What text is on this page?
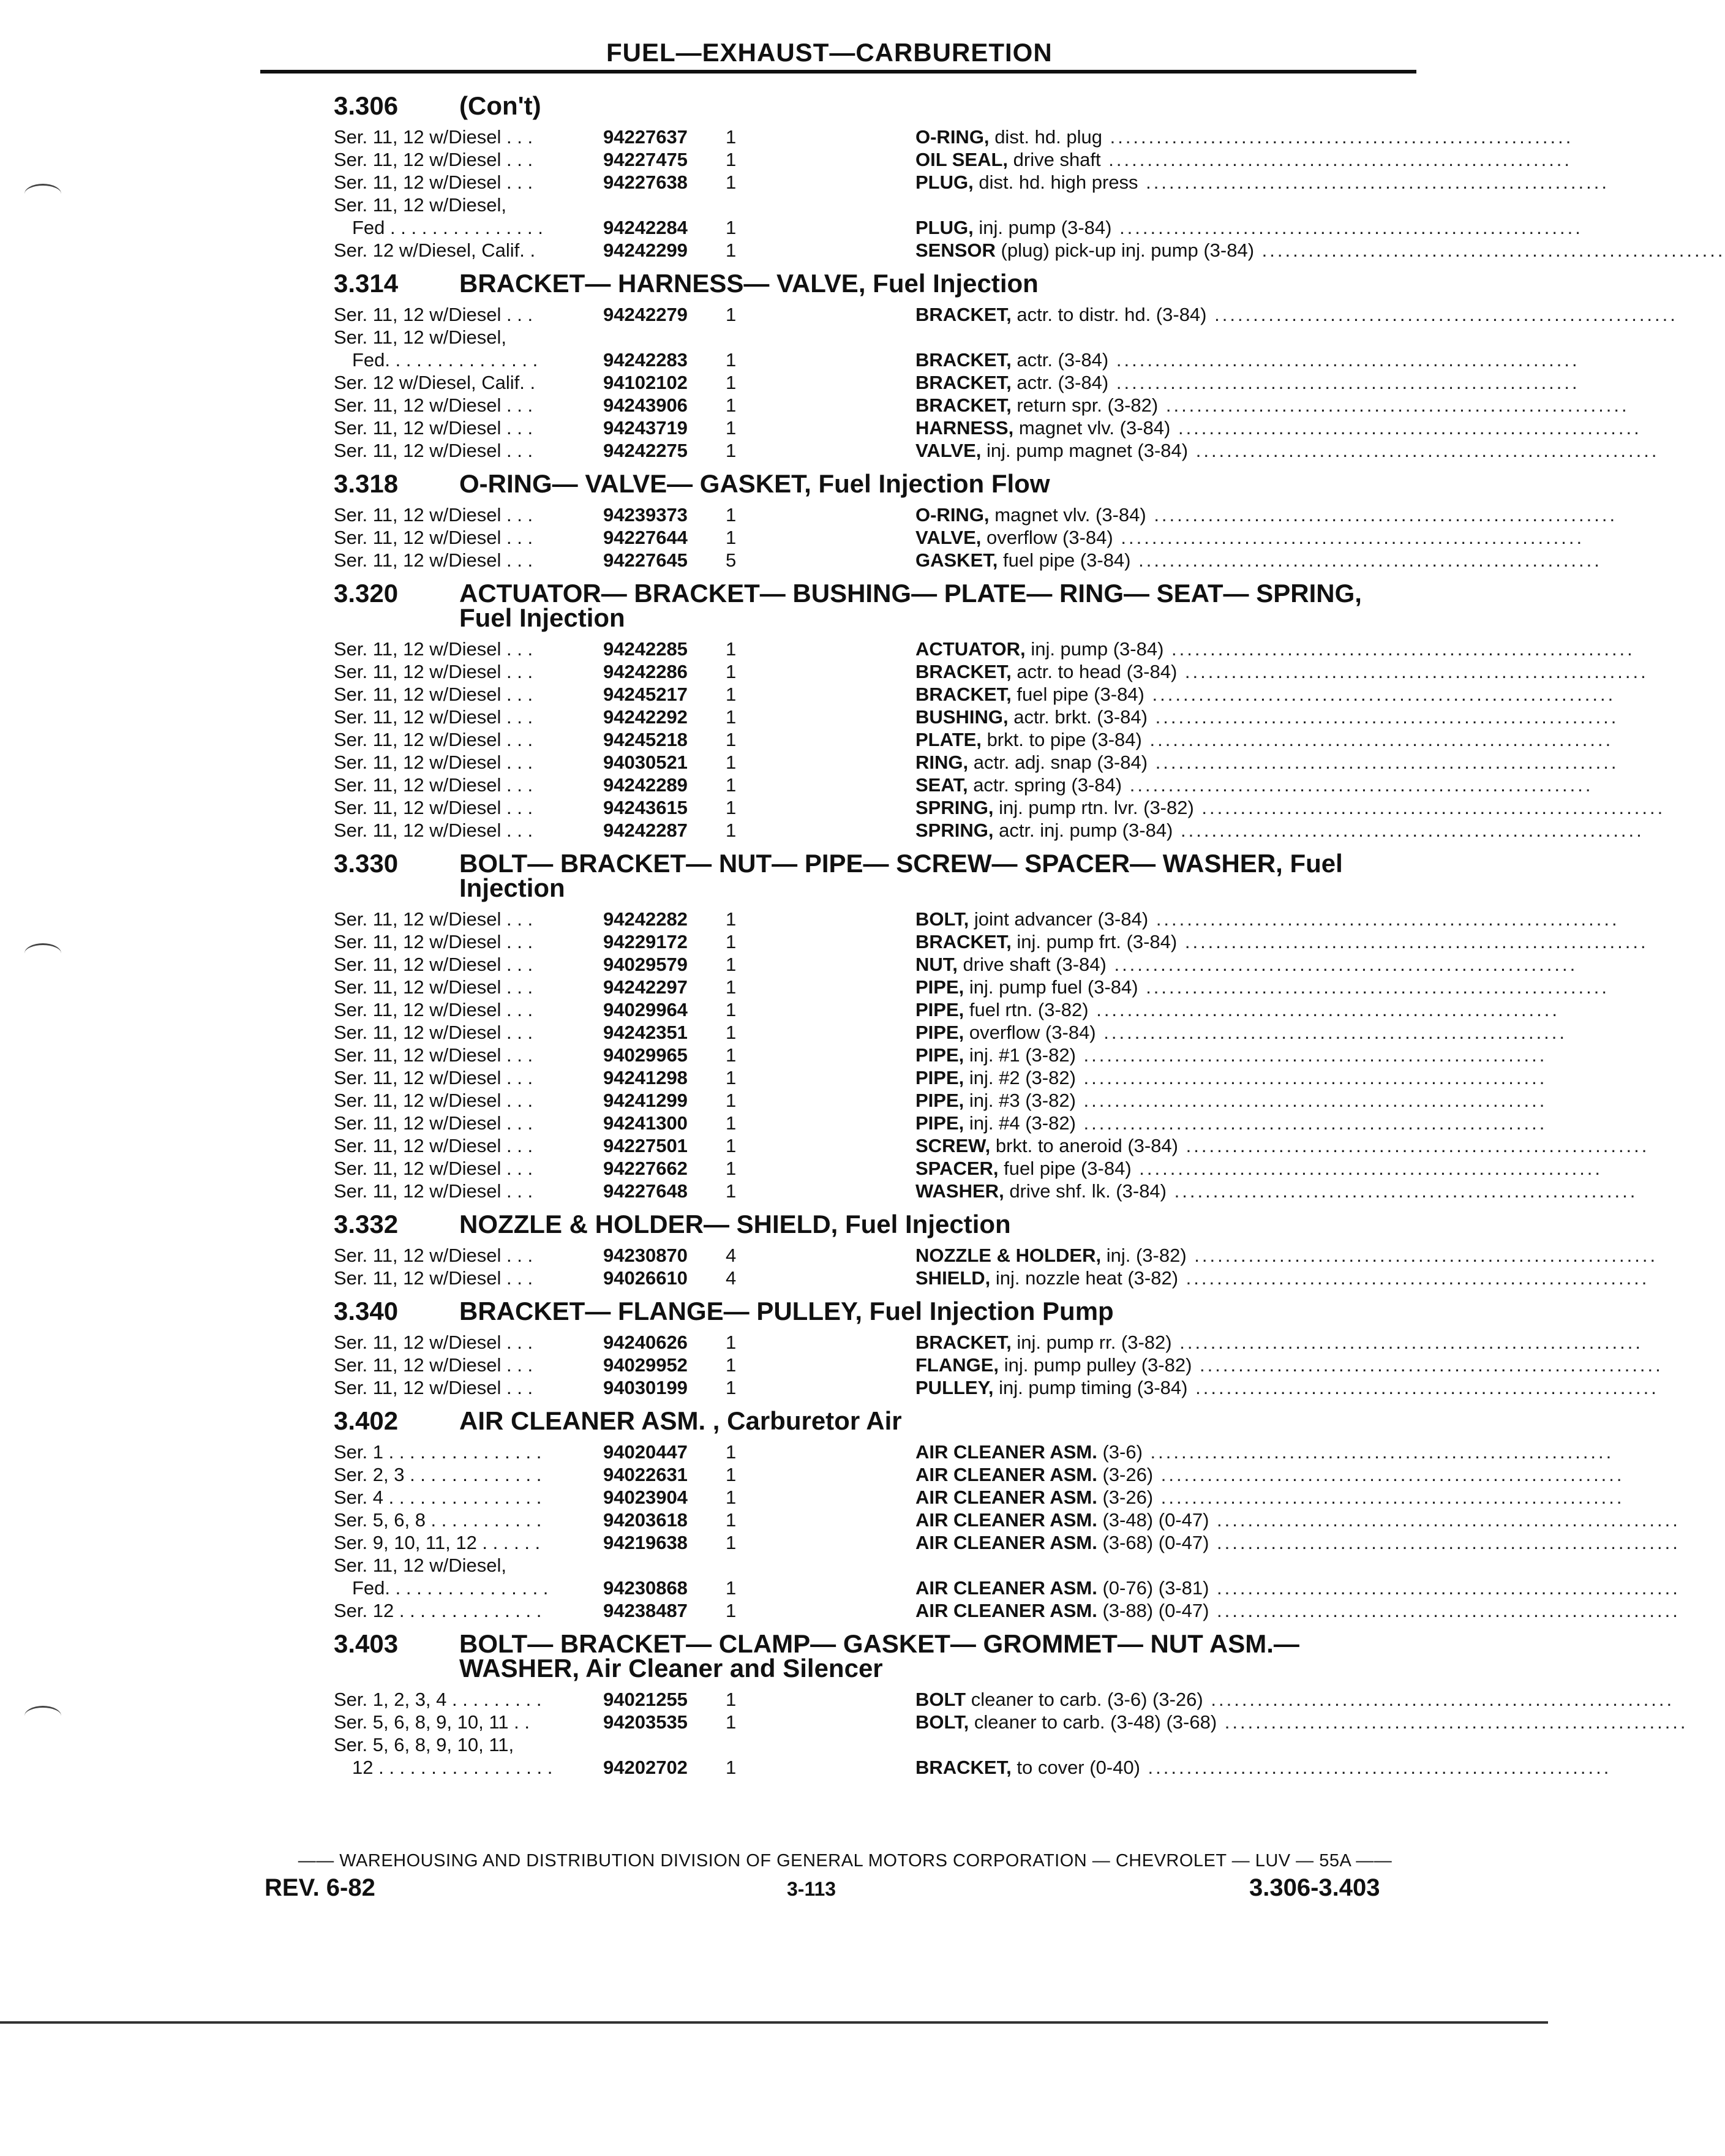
FUEL—EXHAUST—CARBURETION
3.306	(Con't)
Ser. 11, 12 w/Diesel . . .	94227637	1	O-RING, dist. hd. plug ............................................................
Ser. 11, 12 w/Diesel . . .	94227475	1	OIL SEAL, drive shaft ............................................................
Ser. 11, 12 w/Diesel . . .	94227638	1	PLUG, dist. hd. high press ............................................................
Ser. 11, 12 w/Diesel,
Fed . . . . . . . . . . . . . . .	94242284	1	PLUG, inj. pump (3-84) ............................................................
Ser. 12 w/Diesel, Calif. .	94242299	1	SENSOR (plug) pick-up inj. pump (3-84) ............................................................
3.314	BRACKET— HARNESS— VALVE, Fuel Injection
Ser. 11, 12 w/Diesel . . .	94242279	1	BRACKET, actr. to distr. hd. (3-84) ............................................................
Ser. 11, 12 w/Diesel,
Fed. . . . . . . . . . . . . . .	94242283	1	BRACKET, actr. (3-84) ............................................................
Ser. 12 w/Diesel, Calif. .	94102102	1	BRACKET, actr. (3-84) ............................................................
Ser. 11, 12 w/Diesel . . .	94243906	1	BRACKET, return spr. (3-82) ............................................................
Ser. 11, 12 w/Diesel . . .	94243719	1	HARNESS, magnet vlv. (3-84) ............................................................
Ser. 11, 12 w/Diesel . . .	94242275	1	VALVE, inj. pump magnet (3-84) ............................................................
3.318	O-RING— VALVE— GASKET, Fuel Injection Flow
Ser. 11, 12 w/Diesel . . .	94239373	1	O-RING, magnet vlv. (3-84) ............................................................
Ser. 11, 12 w/Diesel . . .	94227644	1	VALVE, overflow (3-84) ............................................................
Ser. 11, 12 w/Diesel . . .	94227645	5	GASKET, fuel pipe (3-84) ............................................................
3.320	ACTUATOR— BRACKET— BUSHING— PLATE— RING— SEAT— SPRING, Fuel Injection
Ser. 11, 12 w/Diesel . . .	94242285	1	ACTUATOR, inj. pump (3-84) ............................................................
Ser. 11, 12 w/Diesel . . .	94242286	1	BRACKET, actr. to head (3-84) ............................................................
Ser. 11, 12 w/Diesel . . .	94245217	1	BRACKET, fuel pipe (3-84) ............................................................
Ser. 11, 12 w/Diesel . . .	94242292	1	BUSHING, actr. brkt. (3-84) ............................................................
Ser. 11, 12 w/Diesel . . .	94245218	1	PLATE, brkt. to pipe (3-84) ............................................................
Ser. 11, 12 w/Diesel . . .	94030521	1	RING, actr. adj. snap (3-84) ............................................................
Ser. 11, 12 w/Diesel . . .	94242289	1	SEAT, actr. spring (3-84) ............................................................
Ser. 11, 12 w/Diesel . . .	94243615	1	SPRING, inj. pump rtn. lvr. (3-82) ............................................................
Ser. 11, 12 w/Diesel . . .	94242287	1	SPRING, actr. inj. pump (3-84) ............................................................
3.330	BOLT— BRACKET— NUT— PIPE— SCREW— SPACER— WASHER, Fuel Injection
Ser. 11, 12 w/Diesel . . .	94242282	1	BOLT, joint advancer (3-84) ............................................................
Ser. 11, 12 w/Diesel . . .	94229172	1	BRACKET, inj. pump frt. (3-84) ............................................................
Ser. 11, 12 w/Diesel . . .	94029579	1	NUT, drive shaft (3-84) ............................................................
Ser. 11, 12 w/Diesel . . .	94242297	1	PIPE, inj. pump fuel (3-84) ............................................................
Ser. 11, 12 w/Diesel . . .	94029964	1	PIPE, fuel rtn. (3-82) ............................................................
Ser. 11, 12 w/Diesel . . .	94242351	1	PIPE, overflow (3-84) ............................................................
Ser. 11, 12 w/Diesel . . .	94029965	1	PIPE, inj. #1 (3-82) ............................................................
Ser. 11, 12 w/Diesel . . .	94241298	1	PIPE, inj. #2 (3-82) ............................................................
Ser. 11, 12 w/Diesel . . .	94241299	1	PIPE, inj. #3 (3-82) ............................................................
Ser. 11, 12 w/Diesel . . .	94241300	1	PIPE, inj. #4 (3-82) ............................................................
Ser. 11, 12 w/Diesel . . .	94227501	1	SCREW, brkt. to aneroid (3-84) ............................................................
Ser. 11, 12 w/Diesel . . .	94227662	1	SPACER, fuel pipe (3-84) ............................................................
Ser. 11, 12 w/Diesel . . .	94227648	1	WASHER, drive shf. lk. (3-84) ............................................................
3.332	NOZZLE & HOLDER— SHIELD, Fuel Injection
Ser. 11, 12 w/Diesel . . .	94230870	4	NOZZLE & HOLDER, inj. (3-82) ............................................................
Ser. 11, 12 w/Diesel . . .	94026610	4	SHIELD, inj. nozzle heat (3-82) ............................................................
3.340	BRACKET— FLANGE— PULLEY, Fuel Injection Pump
Ser. 11, 12 w/Diesel . . .	94240626	1	BRACKET, inj. pump rr. (3-82) ............................................................
Ser. 11, 12 w/Diesel . . .	94029952	1	FLANGE, inj. pump pulley (3-82) ............................................................
Ser. 11, 12 w/Diesel . . .	94030199	1	PULLEY, inj. pump timing (3-84) ............................................................
3.402	AIR CLEANER ASM. , Carburetor Air
Ser. 1 . . . . . . . . . . . . . . .	94020447	1	AIR CLEANER ASM. (3-6) ............................................................
Ser. 2, 3 . . . . . . . . . . . . .	94022631	1	AIR CLEANER ASM. (3-26) ............................................................
Ser. 4 . . . . . . . . . . . . . . .	94023904	1	AIR CLEANER ASM. (3-26) ............................................................
Ser. 5, 6, 8 . . . . . . . . . . .	94203618	1	AIR CLEANER ASM. (3-48) (0-47) ............................................................
Ser. 9, 10, 11, 12 . . . . . .	94219638	1	AIR CLEANER ASM. (3-68) (0-47) ............................................................
Ser. 11, 12 w/Diesel,
Fed. . . . . . . . . . . . . . . .	94230868	1	AIR CLEANER ASM. (0-76) (3-81) ............................................................
Ser. 12 . . . . . . . . . . . . . .	94238487	1	AIR CLEANER ASM. (3-88) (0-47) ............................................................
3.403	BOLT— BRACKET— CLAMP— GASKET— GROMMET— NUT ASM.— WASHER, Air Cleaner and Silencer
Ser. 1, 2, 3, 4 . . . . . . . . .	94021255	1	BOLT cleaner to carb. (3-6) (3-26) ............................................................
Ser. 5, 6, 8, 9, 10, 11 . .	94203535	1	BOLT, cleaner to carb. (3-48) (3-68) ............................................................
Ser. 5, 6, 8, 9, 10, 11,
12 . . . . . . . . . . . . . . . . .	94202702	1	BRACKET, to cover (0-40) ............................................................
—— WAREHOUSING AND DISTRIBUTION DIVISION OF GENERAL MOTORS CORPORATION — CHEVROLET — LUV — 55A ——
REV. 6-82	3-113	3.306-3.403
